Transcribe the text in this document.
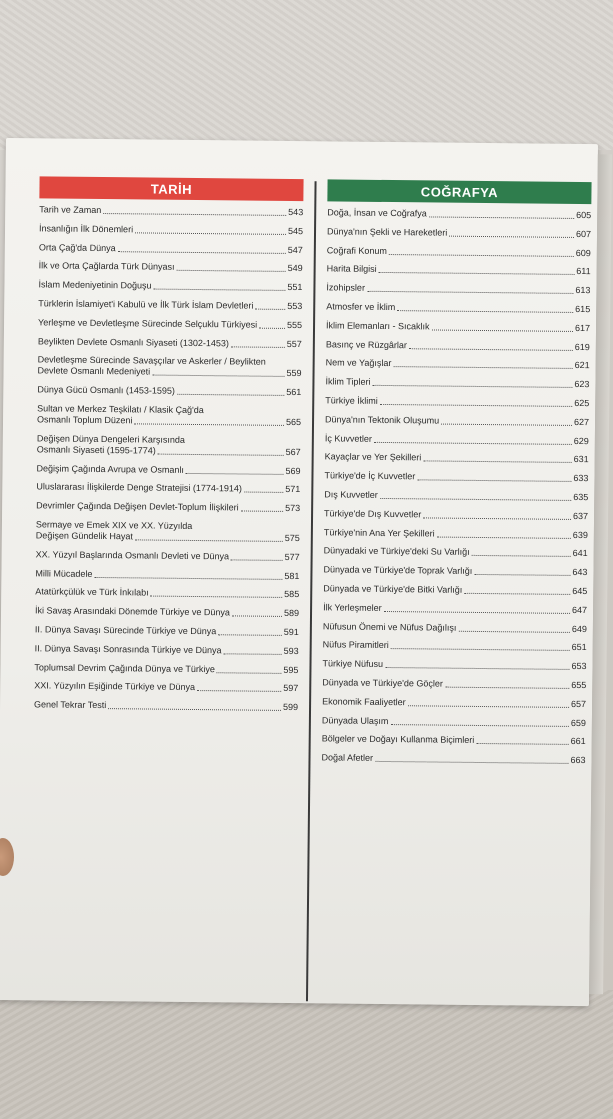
TARİH
Tarih ve Zaman	543
İnsanlığın İlk Dönemleri	545
Orta Çağ'da Dünya	547
İlk ve Orta Çağlarda Türk Dünyası	549
İslam Medeniyetinin Doğuşu	551
Türklerin İslamiyet'i Kabulü ve İlk Türk İslam Devletleri	553
Yerleşme ve Devletleşme Sürecinde Selçuklu Türkiyesi	555
Beylikten Devlete Osmanlı Siyaseti (1302-1453)	557
Devletleşme Sürecinde Savaşçılar ve Askerler / Beylikten
Devlete Osmanlı Medeniyeti	559
Dünya Gücü Osmanlı (1453-1595)	561
Sultan ve Merkez Teşkilatı / Klasik Çağ'da
Osmanlı Toplum Düzeni	565
Değişen Dünya Dengeleri Karşısında
Osmanlı Siyaseti (1595-1774)	567
Değişim Çağında Avrupa ve Osmanlı	569
Uluslararası İlişkilerde Denge Stratejisi (1774-1914)	571
Devrimler Çağında Değişen Devlet-Toplum İlişkileri	573
Sermaye ve Emek XIX ve XX. Yüzyılda
Değişen Gündelik Hayat	575
XX. Yüzyıl Başlarında Osmanlı Devleti ve Dünya	577
Milli Mücadele	581
Atatürkçülük ve Türk İnkılabı	585
İki Savaş Arasındaki Dönemde Türkiye ve Dünya	589
II. Dünya Savaşı Sürecinde Türkiye ve Dünya	591
II. Dünya Savaşı Sonrasında Türkiye ve Dünya	593
Toplumsal Devrim Çağında Dünya ve Türkiye	595
XXI. Yüzyılın Eşiğinde Türkiye ve Dünya	597
Genel Tekrar Testi	599
COĞRAFYA
Doğa, İnsan ve Coğrafya	605
Dünya'nın Şekli ve Hareketleri	607
Coğrafi Konum	609
Harita Bilgisi	611
İzohipsler	613
Atmosfer ve İklim	615
İklim Elemanları - Sıcaklık	617
Basınç ve Rüzgârlar	619
Nem ve Yağışlar	621
İklim Tipleri	623
Türkiye İklimi	625
Dünya'nın Tektonik Oluşumu	627
İç Kuvvetler	629
Kayaçlar ve Yer Şekilleri	631
Türkiye'de İç Kuvvetler	633
Dış Kuvvetler	635
Türkiye'de Dış Kuvvetler	637
Türkiye'nin Ana Yer Şekilleri	639
Dünyadaki ve Türkiye'deki Su Varlığı	641
Dünyada ve Türkiye'de Toprak Varlığı	643
Dünyada ve Türkiye'de Bitki Varlığı	645
İlk Yerleşmeler	647
Nüfusun Önemi ve Nüfus Dağılışı	649
Nüfus Piramitleri	651
Türkiye Nüfusu	653
Dünyada ve Türkiye'de Göçler	655
Ekonomik Faaliyetler	657
Dünyada Ulaşım	659
Bölgeler ve Doğayı Kullanma Biçimleri	661
Doğal Afetler	663
